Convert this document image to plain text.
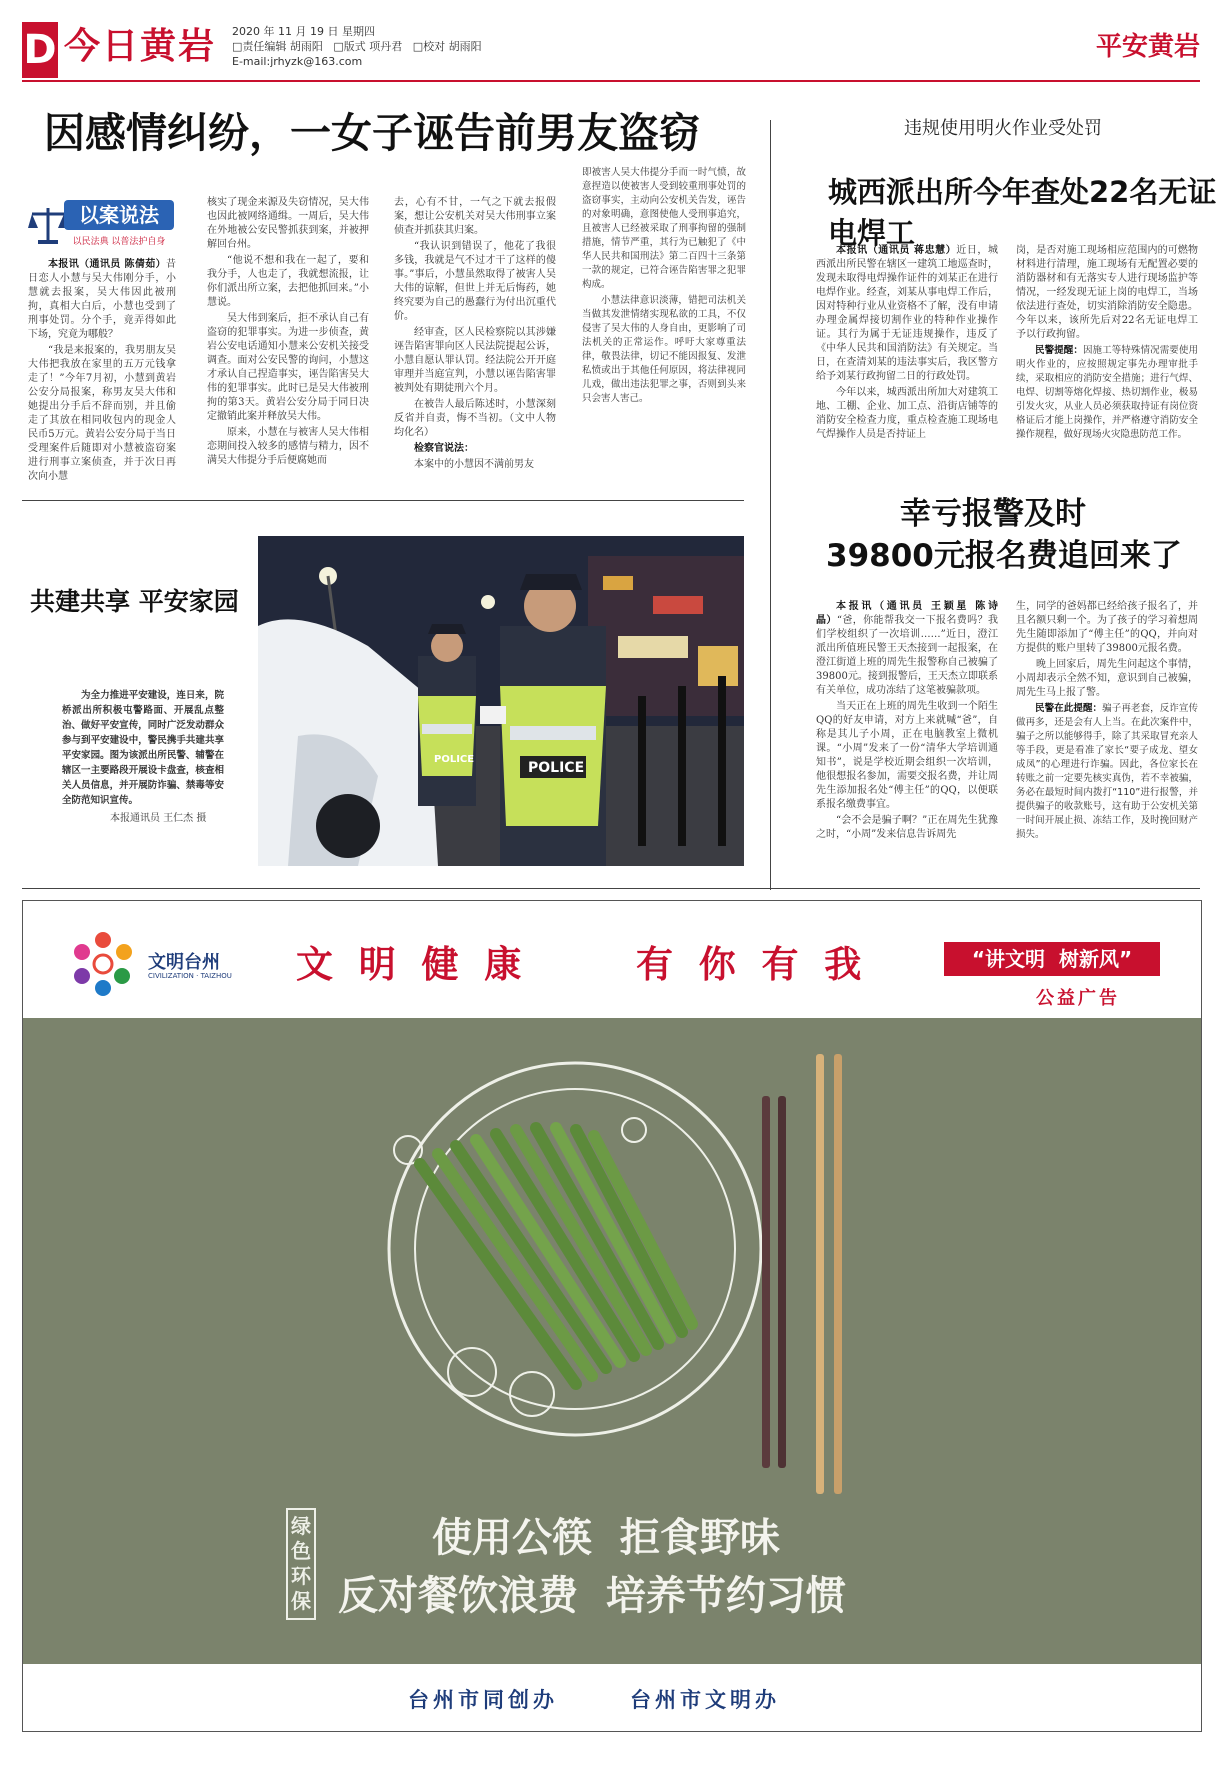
D 今日黄岩 2020 年 11 月 19 日 星期四
□责任编辑 胡雨阳 □版式 项丹君 □校对 胡雨阳
E-mail:jrhyzk@163.com	平安黄岩
因感情纠纷，一女子诬告前男友盗窃
以案说法
以民法典 以普法护自身

本报讯（通讯员 陈倩茹）昔日恋人小慧与吴大伟刚分手，小慧就去报案，吴大伟因此被刑拘，真相大白后，小慧也受到了刑事处罚。分个手，竟弄得如此下场，究竟为哪般？

“我是来报案的，我男朋友吴大伟把我放在家里的五万元钱拿走了！”今年7月初，小慧到黄岩公安分局报案，称男友吴大伟和她提出分手后不辞而别，并且偷走了其放在相同收包内的现金人民币5万元。黄岩公安分局于当日受理案件后随即对小慧被盗窃案进行刑事立案侦查，并于次日再次向小慧

核实了现金来源及失窃情况，吴大伟也因此被网络通缉。一周后，吴大伟在外地被公安民警抓获到案，并被押解回台州。

“他说不想和我在一起了，要和我分手，人也走了，我就想流报，让你们派出所立案，去把他抓回来。”小慧说。

吴大伟到案后，拒不承认自己有盗窃的犯罪事实。为进一步侦查，黄岩公安电话通知小慧来公安机关接受调查。面对公安民警的询问，小慧这才承认自己捏造事实，诬告陷害吴大伟的犯罪事实。此时已是吴大伟被刑拘的第3天。黄岩公安分局于同日决定撤销此案并释放吴大伟。

原来，小慧在与被害人吴大伟相恋期间投入较多的感情与精力，因不满吴大伟提分手后便腐她而

去，心有不甘，一气之下就去报假案，想让公安机关对吴大伟刑事立案侦查并抓获其归案。

“我认识到错误了，他花了我很多钱，我就是气不过才干了这样的傻事。”事后，小慧虽然取得了被害人吴大伟的谅解，但世上并无后悔药，她终究要为自己的愚蠢行为付出沉重代价。

经审查，区人民检察院以其涉嫌诬告陷害罪向区人民法院提起公诉，小慧自愿认罪认罚。经法院公开开庭审理并当庭宣判，小慧以诬告陷害罪被判处有期徒刑六个月。

在被告人最后陈述时，小慧深刻反省并自责，悔不当初。（文中人物均化名）

检察官说法：

本案中的小慧因不满前男友

即被害人吴大伟提分手而一时气愤，故意捏造以使被害人受到较重刑事处罚的盗窃事实，主动向公安机关告发，诬告的对象明确，意图使他人受刑事追究，且被害人已经被采取了刑事拘留的强制措施，情节严重，其行为已触犯了《中华人民共和国刑法》第二百四十三条第一款的规定，已符合诬告陷害罪之犯罪构成。

小慧法律意识淡薄，错把司法机关当做其发泄情绪实现私欲的工具，不仅侵害了吴大伟的人身自由，更影响了司法机关的正常运作。呼吁大家尊重法律，敬畏法律，切记不能因报复、发泄私愤或出于其他任何原因，将法律视同儿戏，做出违法犯罪之事，否则到头来只会害人害己。

共建共享 平安家园

为全力推进平安建设，连日来，院桥派出所积极屯警路面、开展乱点整治、做好平安宣传，同时广泛发动群众参与到平安建设中，警民携手共建共享平安家园。图为该派出所民警、辅警在辖区一主要路段开展设卡盘查，核查相关人员信息，并开展防诈骗、禁毒等安全防范知识宣传。

本报通讯员 王仁杰 摄
POLICE
POLICE
违规使用明火作业受处罚
城西派出所今年查处22名无证电焊工

本报讯（通讯员 蒋忠慧）近日，城西派出所民警在辖区一建筑工地巡查时，发现未取得电焊操作证件的刘某正在进行电焊作业。经查，刘某从事电焊工作后，因对特种行业从业资格不了解，没有申请办理金属焊接切割作业的特种作业操作证。其行为属于无证违规操作，违反了《中华人民共和国消防法》有关规定。当日，在查清刘某的违法事实后，我区警方给予刘某行政拘留二日的行政处罚。

今年以来，城西派出所加大对建筑工地、工棚、企业、加工点、沿街店铺等的消防安全检查力度，重点检查施工现场电气焊操作人员是否持证上

岗，是否对施工现场相应范围内的可燃物材料进行清理，施工现场有无配置必要的消防器材和有无落实专人进行现场监护等情况，一经发现无证上岗的电焊工，当场依法进行查处，切实消除消防安全隐患。今年以来，该所先后对22名无证电焊工予以行政拘留。

民警提醒：因施工等特殊情况需要使用明火作业的，应按照规定事先办理审批手续，采取相应的消防安全措施；进行气焊、电焊、切割等熔化焊接、热切割作业，极易引发火灾，从业人员必须获取持证有岗位资格证后才能上岗操作，并严格遵守消防安全操作规程，做好现场火灾隐患防范工作。

幸亏报警及时
39800元报名费追回来了

本报讯（通讯员 王颖星 陈诗晶）“爸，你能帮我交一下报名费吗？我们学校组织了一次培训……”近日，澄江派出所值班民警王天杰接到一起报案，在澄江街道上班的周先生报警称自己被骗了39800元。接到报警后，王天杰立即联系有关单位，成功冻结了这笔被骗款项。

当天正在上班的周先生收到一个陌生QQ的好友申请，对方上来就喊“爸”，自称是其儿子小周，正在电脑教室上微机课。“小周”发来了一份“清华大学培训通知书”，说是学校近期会组织一次培训，他很想报名参加，需要交报名费，并让周先生添加报名处“傅主任”的QQ，以便联系报名缴费事宜。

“会不会是骗子啊？”正在周先生犹豫之时，“小周”发来信息告诉周先

生，同学的爸妈都已经给孩子报名了，并且名额只剩一个。为了孩子的学习着想周先生随即添加了“傅主任”的QQ，并向对方提供的账户里转了39800元报名费。

晚上回家后，周先生问起这个事情，小周却表示全然不知，意识到自己被骗，周先生马上报了警。

民警在此提醒：骗子再老套，反诈宣传做再多，还是会有人上当。在此次案件中，骗子之所以能够得手，除了其采取冒充亲人等手段，更是看准了家长“要子成龙、望女成凤”的心理进行诈骗。因此，各位家长在转账之前一定要先核实真伪，若不幸被骗，务必在最短时间内拨打“110”进行报警，并提供骗子的收款账号，这有助于公安机关第一时间开展止损、冻结工作，及时挽回财产损失。

文明台州
CIVILIZATION · TAIZHOU 文  明  健  康	有  你  有  我	“讲文明  树新风”
公益广告
绿色环保
使用公筷  拒食野味
反对餐饮浪费  培养节约习惯
台州市同创办	台州市文明办
